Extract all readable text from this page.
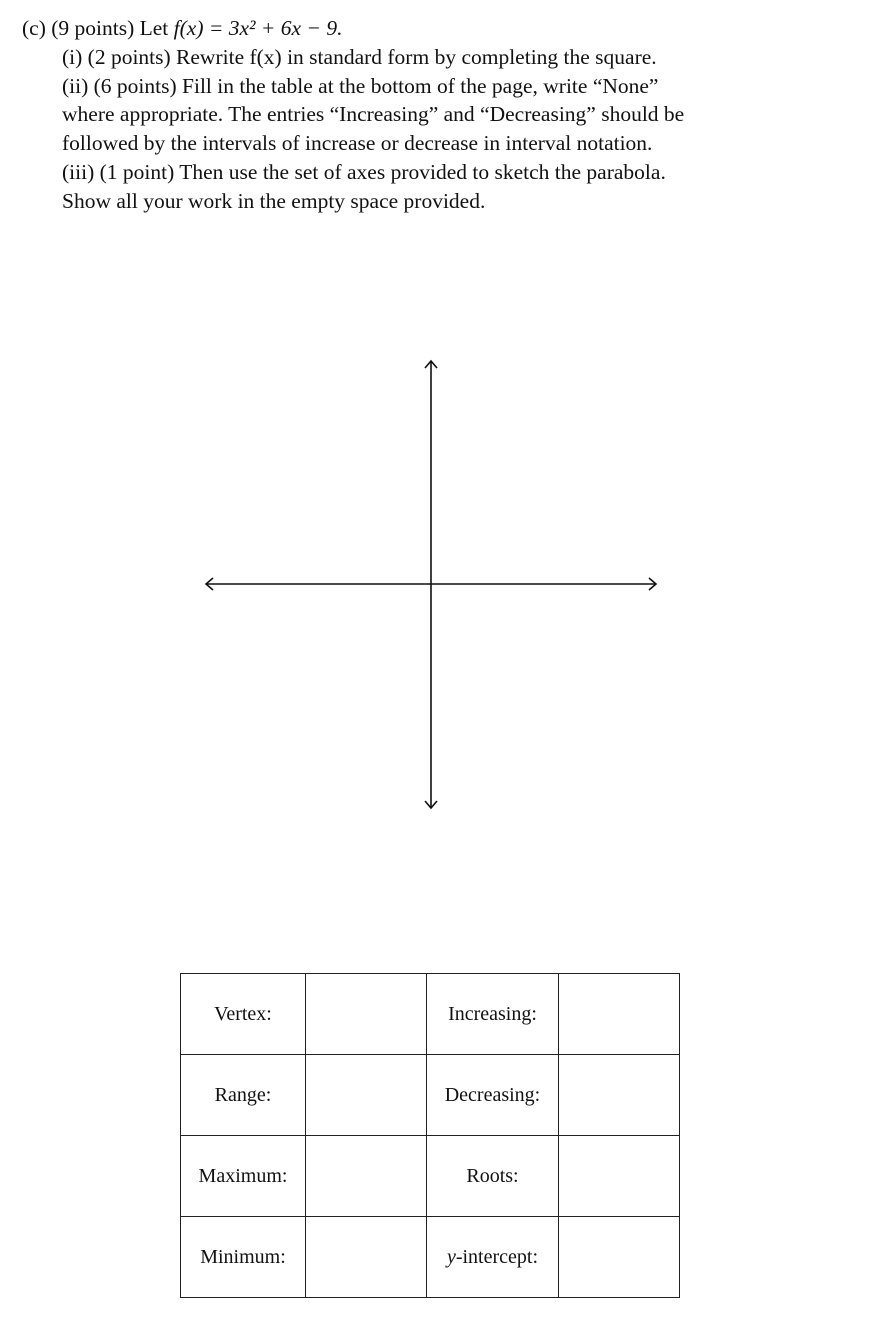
(c) (9 points) Let f(x) = 3x² + 6x − 9.
(i) (2 points) Rewrite f(x) in standard form by completing the square.
(ii) (6 points) Fill in the table at the bottom of the page, write “None”
where appropriate. The entries “Increasing” and “Decreasing” should be
followed by the intervals of increase or decrease in interval notation.
(iii) (1 point) Then use the set of axes provided to sketch the parabola.
Show all your work in the empty space provided.
Vertex:		Increasing:	
Range:		Decreasing:	
Maximum:		Roots:	
Minimum:		y-intercept:	
